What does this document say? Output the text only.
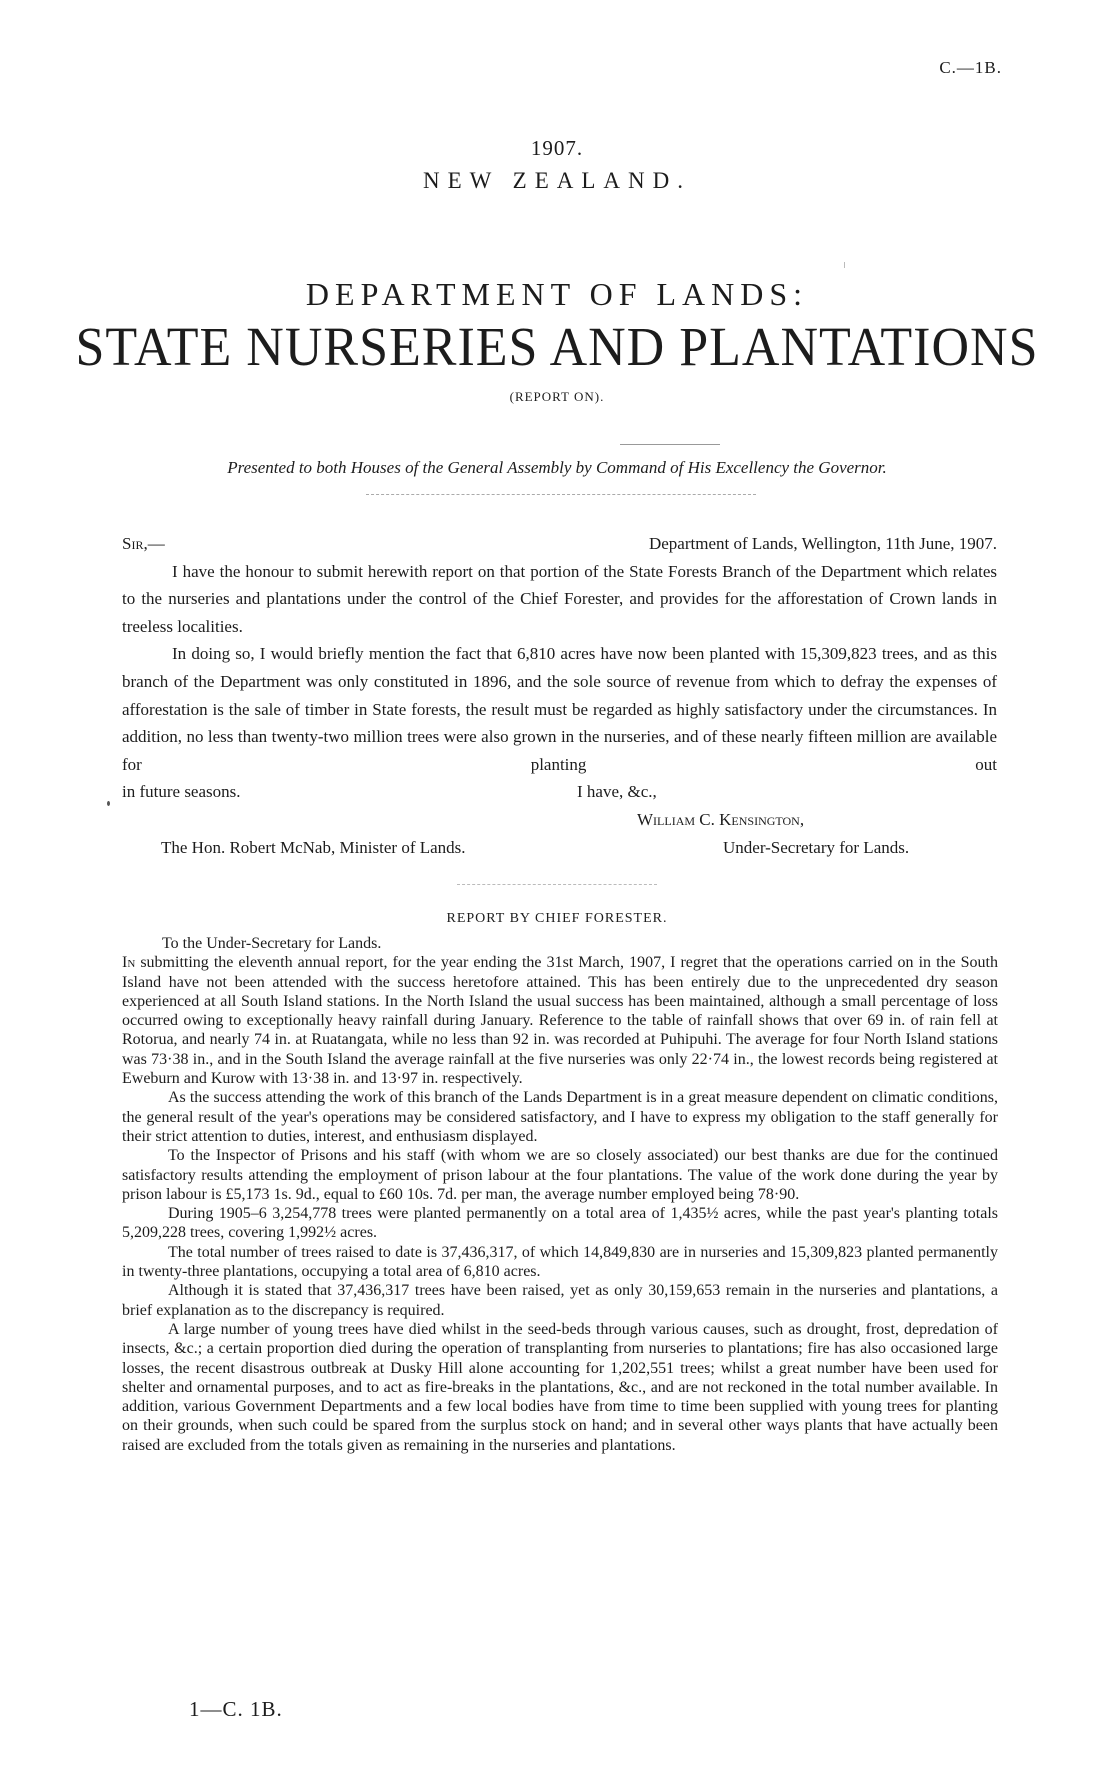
C.—1B.
1907.
NEW ZEALAND.
DEPARTMENT OF LANDS:
STATE NURSERIES AND PLANTATIONS
(REPORT ON).
Presented to both Houses of the General Assembly by Command of His Excellency the Governor.
Sir,—	Department of Lands, Wellington, 11th June, 1907.

I have the honour to submit herewith report on that portion of the State Forests Branch of the Department which relates to the nurseries and plantations under the control of the Chief Forester, and provides for the afforestation of Crown lands in treeless localities.

In doing so, I would briefly mention the fact that 6,810 acres have now been planted with 15,309,823 trees, and as this branch of the Department was only constituted in 1896, and the sole source of revenue from which to defray the expenses of afforestation is the sale of timber in State forests, the result must be regarded as highly satisfactory under the circumstances. In addition, no less than twenty-two million trees were also grown in the nurseries, and of these nearly fifteen million are available for planting out

in future seasons.	I have, &c.,
William C. Kensington,
The Hon. Robert McNab, Minister of Lands.	Under-Secretary for Lands.
REPORT BY CHIEF FORESTER.

To the Under-Secretary for Lands.

In submitting the eleventh annual report, for the year ending the 31st March, 1907, I regret that the operations carried on in the South Island have not been attended with the success heretofore attained. This has been entirely due to the unprecedented dry season experienced at all South Island stations. In the North Island the usual success has been maintained, although a small percentage of loss occurred owing to exceptionally heavy rainfall during January. Reference to the table of rainfall shows that over 69 in. of rain fell at Rotorua, and nearly 74 in. at Ruatangata, while no less than 92 in. was recorded at Puhipuhi. The average for four North Island stations was 73·38 in., and in the South Island the average rainfall at the five nurseries was only 22·74 in., the lowest records being registered at Eweburn and Kurow with 13·38 in. and 13·97 in. respectively.

As the success attending the work of this branch of the Lands Department is in a great measure dependent on climatic conditions, the general result of the year's operations may be considered satisfactory, and I have to express my obligation to the staff generally for their strict attention to duties, interest, and enthusiasm displayed.

To the Inspector of Prisons and his staff (with whom we are so closely associated) our best thanks are due for the continued satisfactory results attending the employment of prison labour at the four plantations. The value of the work done during the year by prison labour is £5,173 1s. 9d., equal to £60 10s. 7d. per man, the average number employed being 78·90.

During 1905–6 3,254,778 trees were planted permanently on a total area of 1,435½ acres, while the past year's planting totals 5,209,228 trees, covering 1,992½ acres.

The total number of trees raised to date is 37,436,317, of which 14,849,830 are in nurseries and 15,309,823 planted permanently in twenty-three plantations, occupying a total area of 6,810 acres.

Although it is stated that 37,436,317 trees have been raised, yet as only 30,159,653 remain in the nurseries and plantations, a brief explanation as to the discrepancy is required.

A large number of young trees have died whilst in the seed-beds through various causes, such as drought, frost, depredation of insects, &c.; a certain proportion died during the operation of transplanting from nurseries to plantations; fire has also occasioned large losses, the recent disastrous outbreak at Dusky Hill alone accounting for 1,202,551 trees; whilst a great number have been used for shelter and ornamental purposes, and to act as fire-breaks in the plantations, &c., and are not reckoned in the total number available. In addition, various Government Departments and a few local bodies have from time to time been supplied with young trees for planting on their grounds, when such could be spared from the surplus stock on hand; and in several other ways plants that have actually been raised are excluded from the totals given as remaining in the nurseries and plantations.

1—C. 1B.
